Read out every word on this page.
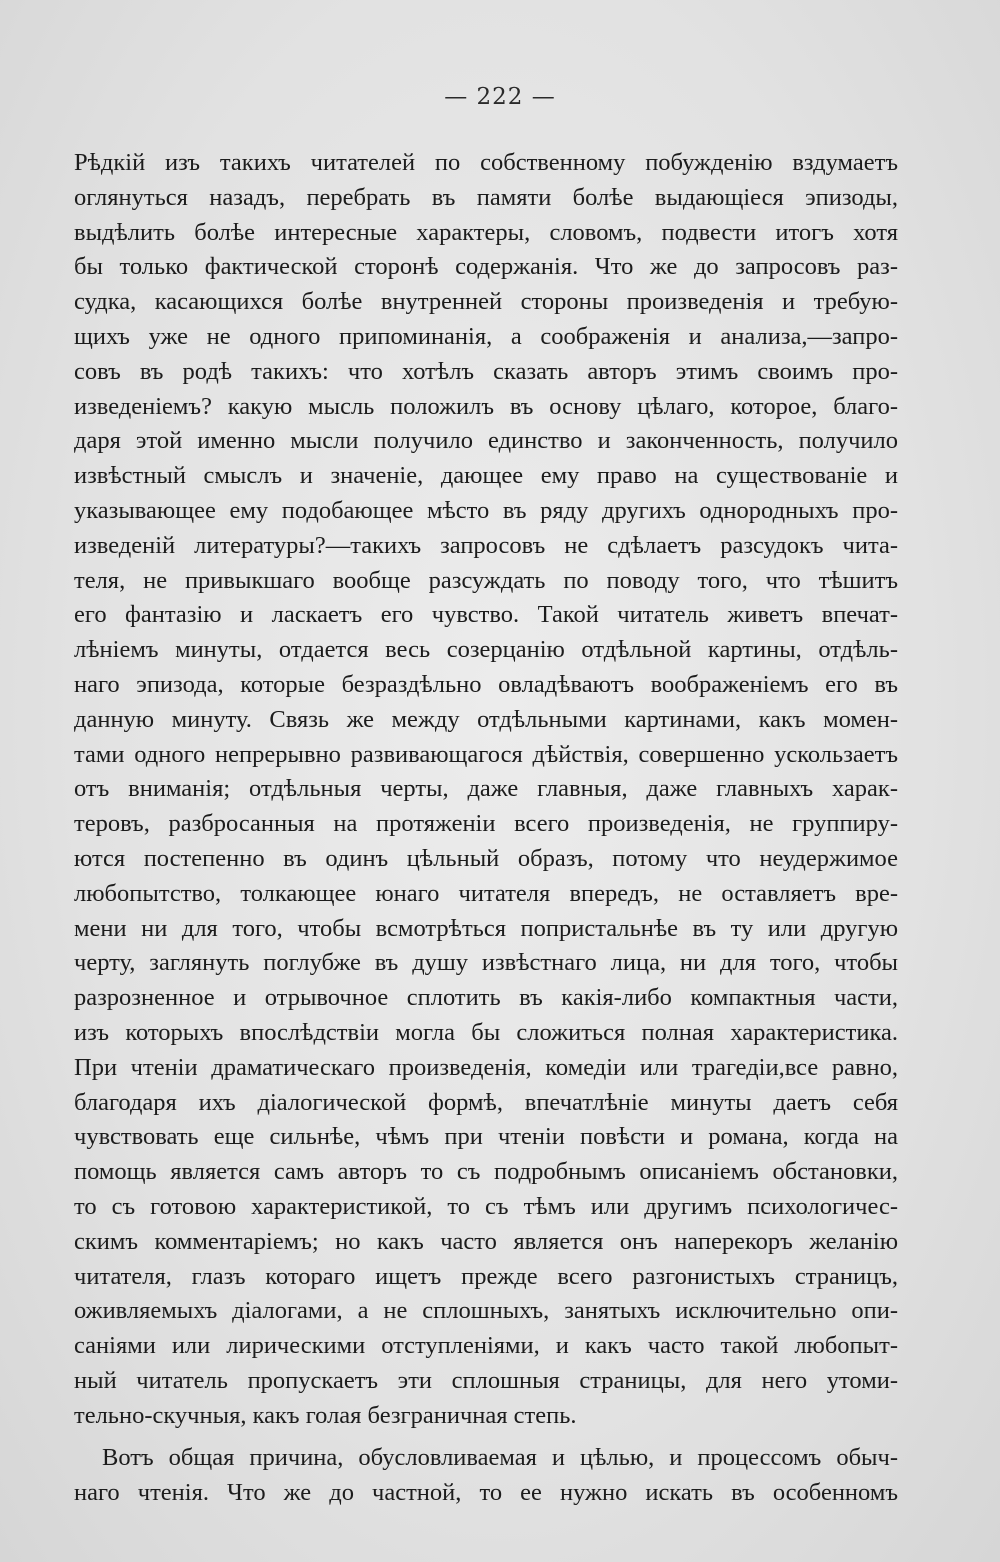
— 222 —
Рѣдкій изъ такихъ читателей по собственному побужденію вздумаетъ
оглянуться назадъ, перебрать въ памяти болѣе выдающіеся эпизоды,
выдѣлить болѣе интересные характеры, словомъ, подвести итогъ хотя
бы только фактической сторонѣ содержанія. Что же до запросовъ раз-
судка, касающихся болѣе внутренней стороны произведенія и требую-
щихъ уже не одного припоминанія, а соображенія и анализа,—запро-
совъ въ родѣ такихъ: что хотѣлъ сказать авторъ этимъ своимъ про-
изведеніемъ? какую мысль положилъ въ основу цѣлаго, которое, благо-
даря этой именно мысли получило единство и законченность, получило
извѣстный смыслъ и значеніе, дающее ему право на существованіе и
указывающее ему подобающее мѣсто въ ряду другихъ однородныхъ про-
изведеній литературы?—такихъ запросовъ не сдѣлаетъ разсудокъ чита-
теля, не привыкшаго вообще разсуждать по поводу того, что тѣшитъ
его фантазію и ласкаетъ его чувство. Такой читатель живетъ впечат-
лѣніемъ минуты, отдается весь созерцанію отдѣльной картины, отдѣль-
наго эпизода, которые безраздѣльно овладѣваютъ воображеніемъ его въ
данную минуту. Связь же между отдѣльными картинами, какъ момен-
тами одного непрерывно развивающагося дѣйствія, совершенно ускользаетъ
отъ вниманія; отдѣльныя черты, даже главныя, даже главныхъ харак-
теровъ, разбросанныя на протяженіи всего произведенія, не группиру-
ются постепенно въ одинъ цѣльный образъ, потому что неудержимое
любопытство, толкающее юнаго читателя впередъ, не оставляетъ вре-
мени ни для того, чтобы всмотрѣться попристальнѣе въ ту или другую
черту, заглянуть поглубже въ душу извѣстнаго лица, ни для того, чтобы
разрозненное и отрывочное сплотить въ какія-либо компактныя части,
изъ которыхъ впослѣдствіи могла бы сложиться полная характеристика.
При чтеніи драматическаго произведенія, комедіи или трагедіи,все равно,
благодаря ихъ діалогической формѣ, впечатлѣніе минуты даетъ себя
чувствовать еще сильнѣе, чѣмъ при чтеніи повѣсти и романа, когда на
помощь является самъ авторъ то съ подробнымъ описаніемъ обстановки,
то съ готовою характеристикой, то съ тѣмъ или другимъ психологичес-
скимъ комментаріемъ; но какъ часто является онъ наперекоръ желанію
читателя, глазъ котораго ищетъ прежде всего разгонистыхъ страницъ,
оживляемыхъ діалогами, а не сплошныхъ, занятыхъ исключительно опи-
саніями или лирическими отступленіями, и какъ часто такой любопыт-
ный читатель пропускаетъ эти сплошныя страницы, для него утоми-
тельно-скучныя, какъ голая безграничная степь.
Вотъ общая причина, обусловливаемая и цѣлью, и процессомъ обыч-
наго чтенія. Что же до частной, то ее нужно искать въ особенномъ
